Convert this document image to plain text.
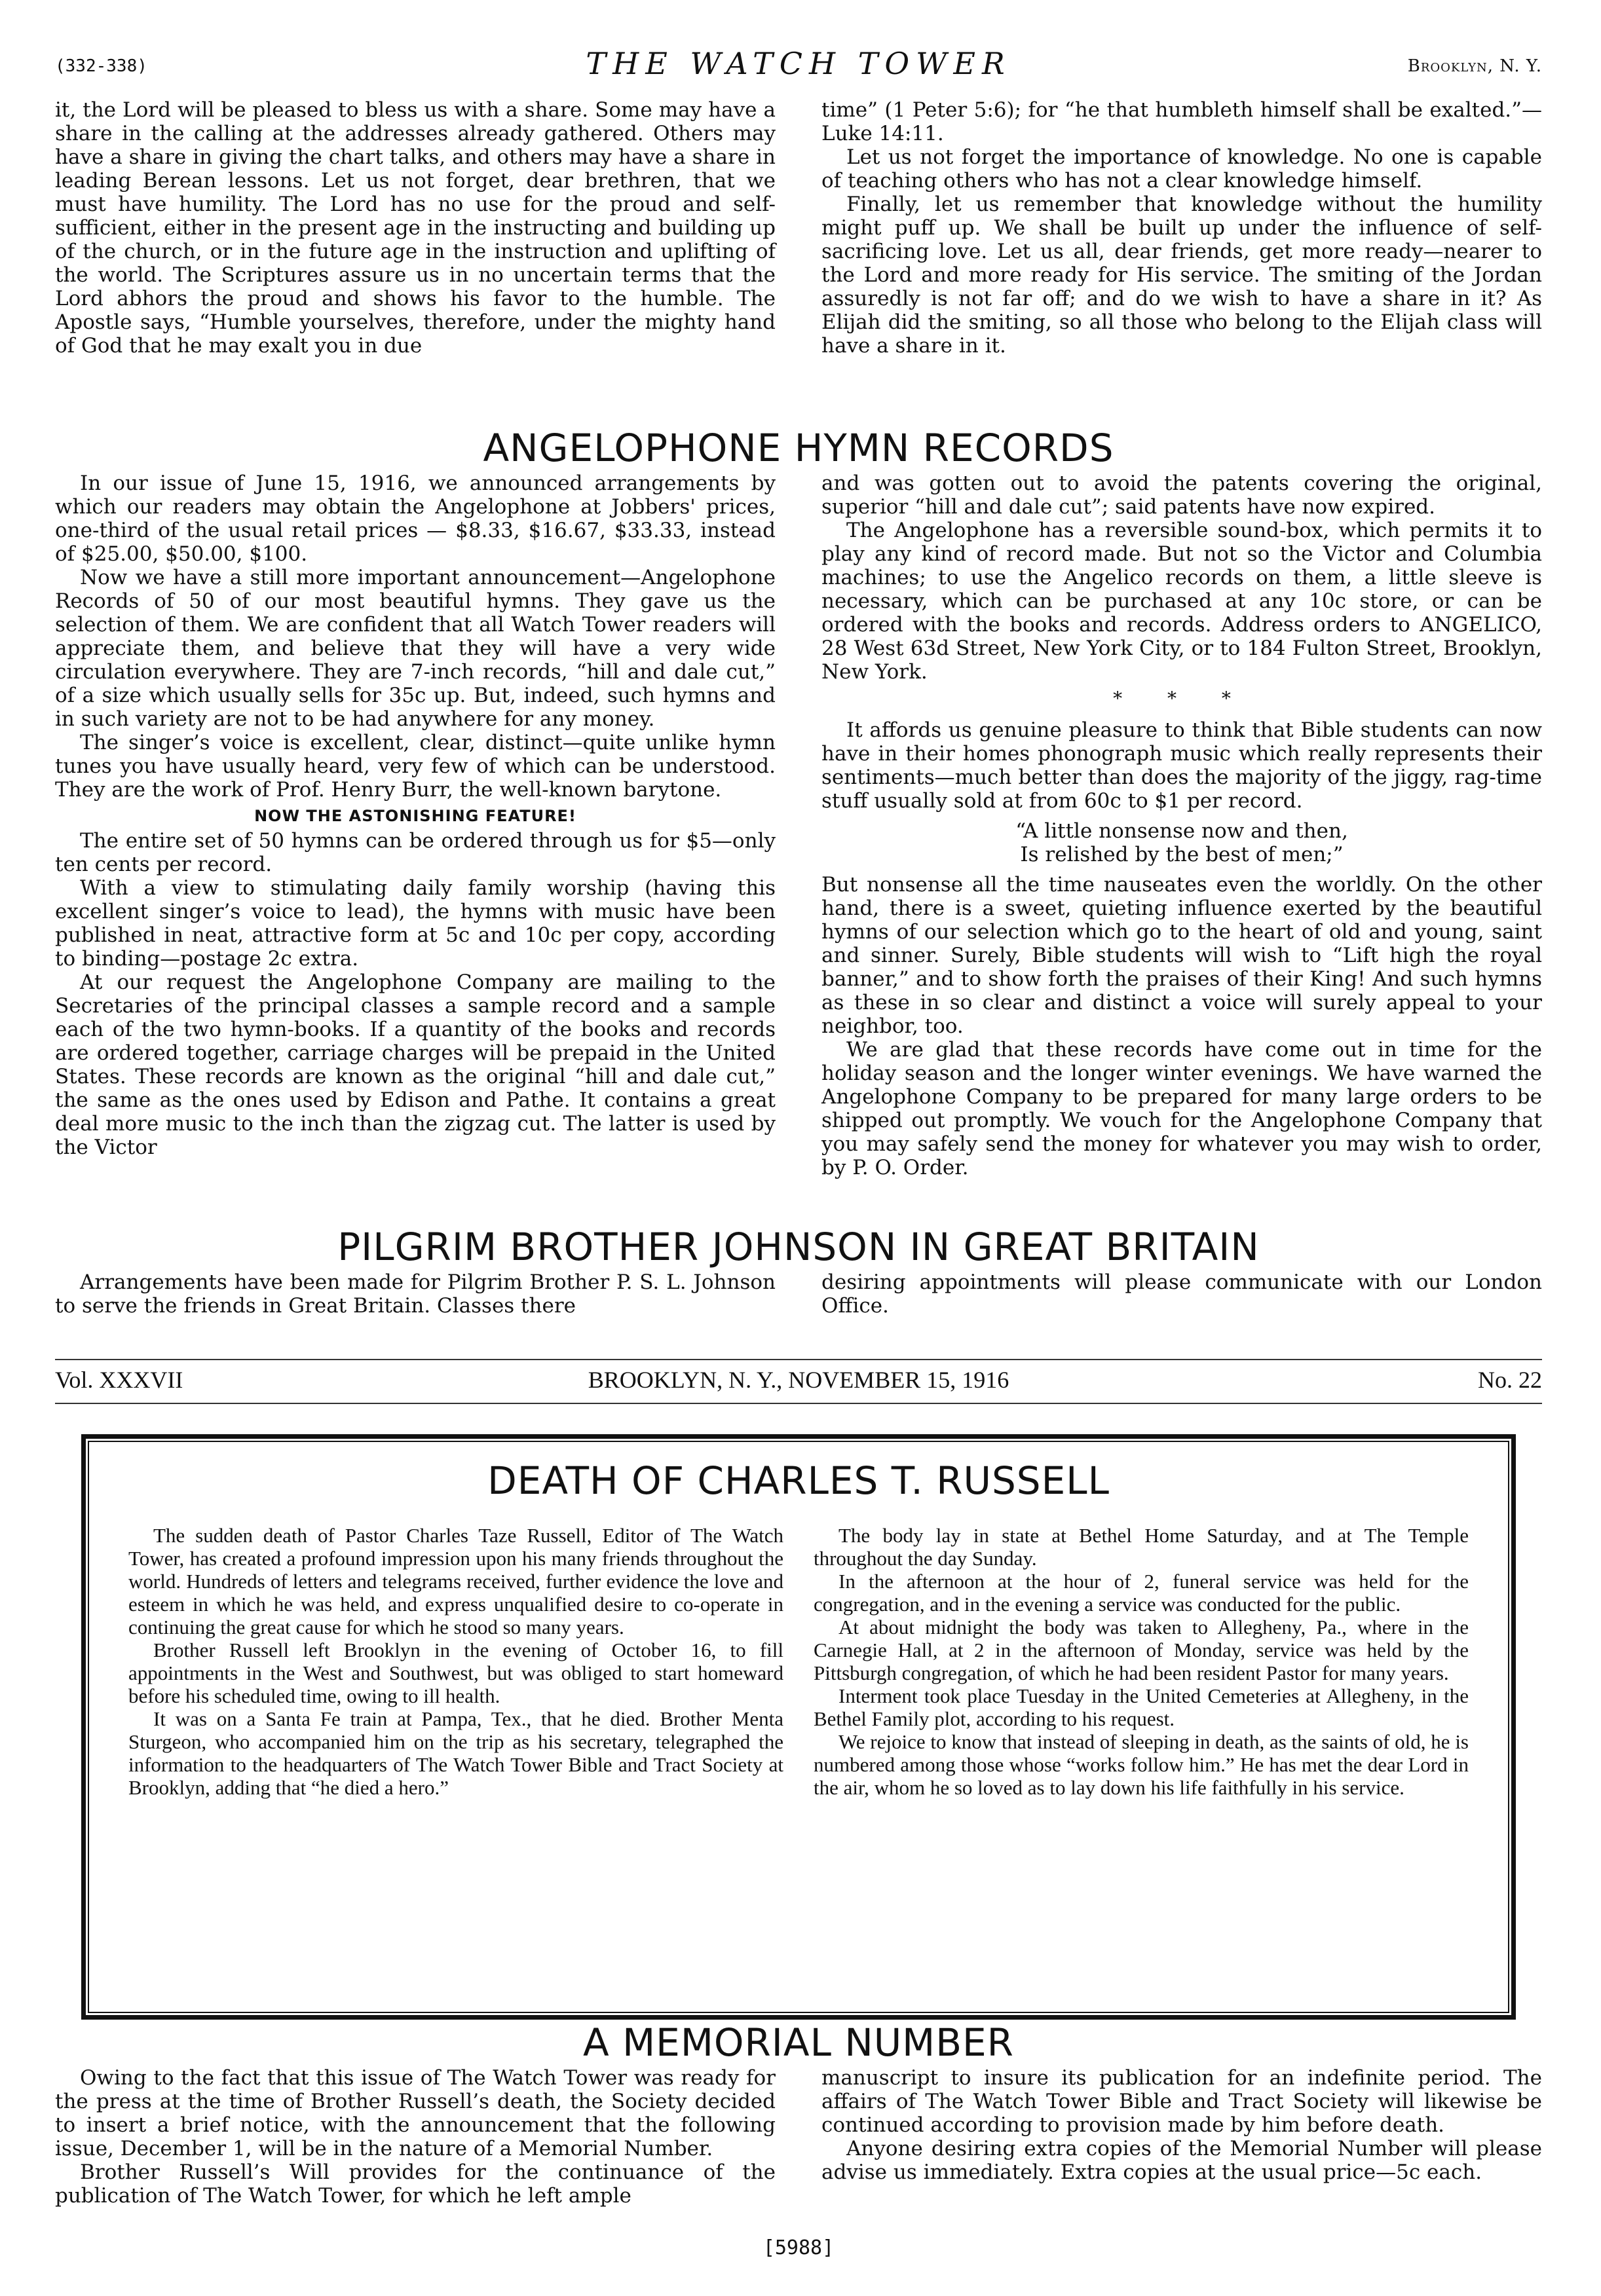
(332-338)	THE WATCH TOWER	Brooklyn, N. Y.

it, the Lord will be pleased to bless us with a share. Some may have a share in the calling at the addresses already gathered. Others may have a share in giving the chart talks, and others may have a share in leading Berean lessons. Let us not forget, dear brethren, that we must have humility. The Lord has no use for the proud and self-sufficient, either in the present age in the instructing and building up of the church, or in the future age in the instruction and uplifting of the world. The Scriptures assure us in no uncertain terms that the Lord abhors the proud and shows his favor to the humble. The Apostle says, “Humble yourselves, therefore, under the mighty hand of God that he may exalt you in due

time” (1 Peter 5:6); for “he that humbleth himself shall be exalted.”—Luke 14:11.

Let us not forget the importance of knowledge. No one is capable of teaching others who has not a clear knowledge himself.

Finally, let us remember that knowledge without the humility might puff up. We shall be built up under the influence of self-sacrificing love. Let us all, dear friends, get more ready—nearer to the Lord and more ready for His service. The smiting of the Jordan assuredly is not far off; and do we wish to have a share in it? As Elijah did the smiting, so all those who belong to the Elijah class will have a share in it.

ANGELOPHONE HYMN RECORDS

In our issue of June 15, 1916, we announced arrangements by which our readers may obtain the Angelophone at Jobbers' prices, one-third of the usual retail prices — $8.33, $16.67, $33.33, instead of $25.00, $50.00, $100.

Now we have a still more important announcement—Angelophone Records of 50 of our most beautiful hymns. They gave us the selection of them. We are confident that all Watch Tower readers will appreciate them, and believe that they will have a very wide circulation everywhere. They are 7-inch records, “hill and dale cut,” of a size which usually sells for 35c up. But, indeed, such hymns and in such variety are not to be had anywhere for any money.

The singer’s voice is excellent, clear, distinct—quite unlike hymn tunes you have usually heard, very few of which can be understood. They are the work of Prof. Henry Burr, the well-known barytone.

NOW THE ASTONISHING FEATURE!

The entire set of 50 hymns can be ordered through us for $5—only ten cents per record.

With a view to stimulating daily family worship (having this excellent singer’s voice to lead), the hymns with music have been published in neat, attractive form at 5c and 10c per copy, according to binding—postage 2c extra.

At our request the Angelophone Company are mailing to the Secretaries of the principal classes a sample record and a sample each of the two hymn-books. If a quantity of the books and records are ordered together, carriage charges will be prepaid in the United States. These records are known as the original “hill and dale cut,” the same as the ones used by Edison and Pathe. It contains a great deal more music to the inch than the zigzag cut. The latter is used by the Victor

and was gotten out to avoid the patents covering the original, superior “hill and dale cut”; said patents have now expired.

The Angelophone has a reversible sound-box, which permits it to play any kind of record made. But not so the Victor and Columbia machines; to use the Angelico records on them, a little sleeve is necessary, which can be purchased at any 10c store, or can be ordered with the books and records. Address orders to ANGELICO, 28 West 63d Street, New York City, or to 184 Fulton Street, Brooklyn, New York.

* * *

It affords us genuine pleasure to think that Bible students can now have in their homes phonograph music which really represents their sentiments—much better than does the majority of the jiggy, rag-time stuff usually sold at from 60c to $1 per record.

“A little nonsense now and then,
Is relished by the best of men;”

But nonsense all the time nauseates even the worldly. On the other hand, there is a sweet, quieting influence exerted by the beautiful hymns of our selection which go to the heart of old and young, saint and sinner. Surely, Bible students will wish to “Lift high the royal banner,” and to show forth the praises of their King! And such hymns as these in so clear and distinct a voice will surely appeal to your neighbor, too.

We are glad that these records have come out in time for the holiday season and the longer winter evenings. We have warned the Angelophone Company to be prepared for many large orders to be shipped out promptly. We vouch for the Angelophone Company that you may safely send the money for whatever you may wish to order, by P. O. Order.

PILGRIM BROTHER JOHNSON IN GREAT BRITAIN

Arrangements have been made for Pilgrim Brother P. S. L. Johnson to serve the friends in Great Britain. Classes there

desiring appointments will please communicate with our London Office.

Vol. XXXVII	BROOKLYN, N. Y., NOVEMBER 15, 1916	No. 22
DEATH OF CHARLES T. RUSSELL

The sudden death of Pastor Charles Taze Russell, Editor of The Watch Tower, has created a profound impression upon his many friends throughout the world. Hundreds of letters and telegrams received, further evidence the love and esteem in which he was held, and express unqualified desire to co-operate in continuing the great cause for which he stood so many years.

Brother Russell left Brooklyn in the evening of October 16, to fill appointments in the West and Southwest, but was obliged to start homeward before his scheduled time, owing to ill health.

It was on a Santa Fe train at Pampa, Tex., that he died. Brother Menta Sturgeon, who accompanied him on the trip as his secretary, telegraphed the information to the headquarters of The Watch Tower Bible and Tract Society at Brooklyn, adding that “he died a hero.”

The body lay in state at Bethel Home Saturday, and at The Temple throughout the day Sunday.

In the afternoon at the hour of 2, funeral service was held for the congregation, and in the evening a service was conducted for the public.

At about midnight the body was taken to Allegheny, Pa., where in the Carnegie Hall, at 2 in the afternoon of Monday, service was held by the Pittsburgh congregation, of which he had been resident Pastor for many years.

Interment took place Tuesday in the United Cemeteries at Allegheny, in the Bethel Family plot, according to his request.

We rejoice to know that instead of sleeping in death, as the saints of old, he is numbered among those whose “works follow him.” He has met the dear Lord in the air, whom he so loved as to lay down his life faithfully in his service.

A MEMORIAL NUMBER

Owing to the fact that this issue of The Watch Tower was ready for the press at the time of Brother Russell’s death, the Society decided to insert a brief notice, with the announcement that the following issue, December 1, will be in the nature of a Memorial Number.

Brother Russell’s Will provides for the continuance of the publication of The Watch Tower, for which he left ample

manuscript to insure its publication for an indefinite period. The affairs of The Watch Tower Bible and Tract Society will likewise be continued according to provision made by him before death.

Anyone desiring extra copies of the Memorial Number will please advise us immediately. Extra copies at the usual price—5c each.

[5988]
